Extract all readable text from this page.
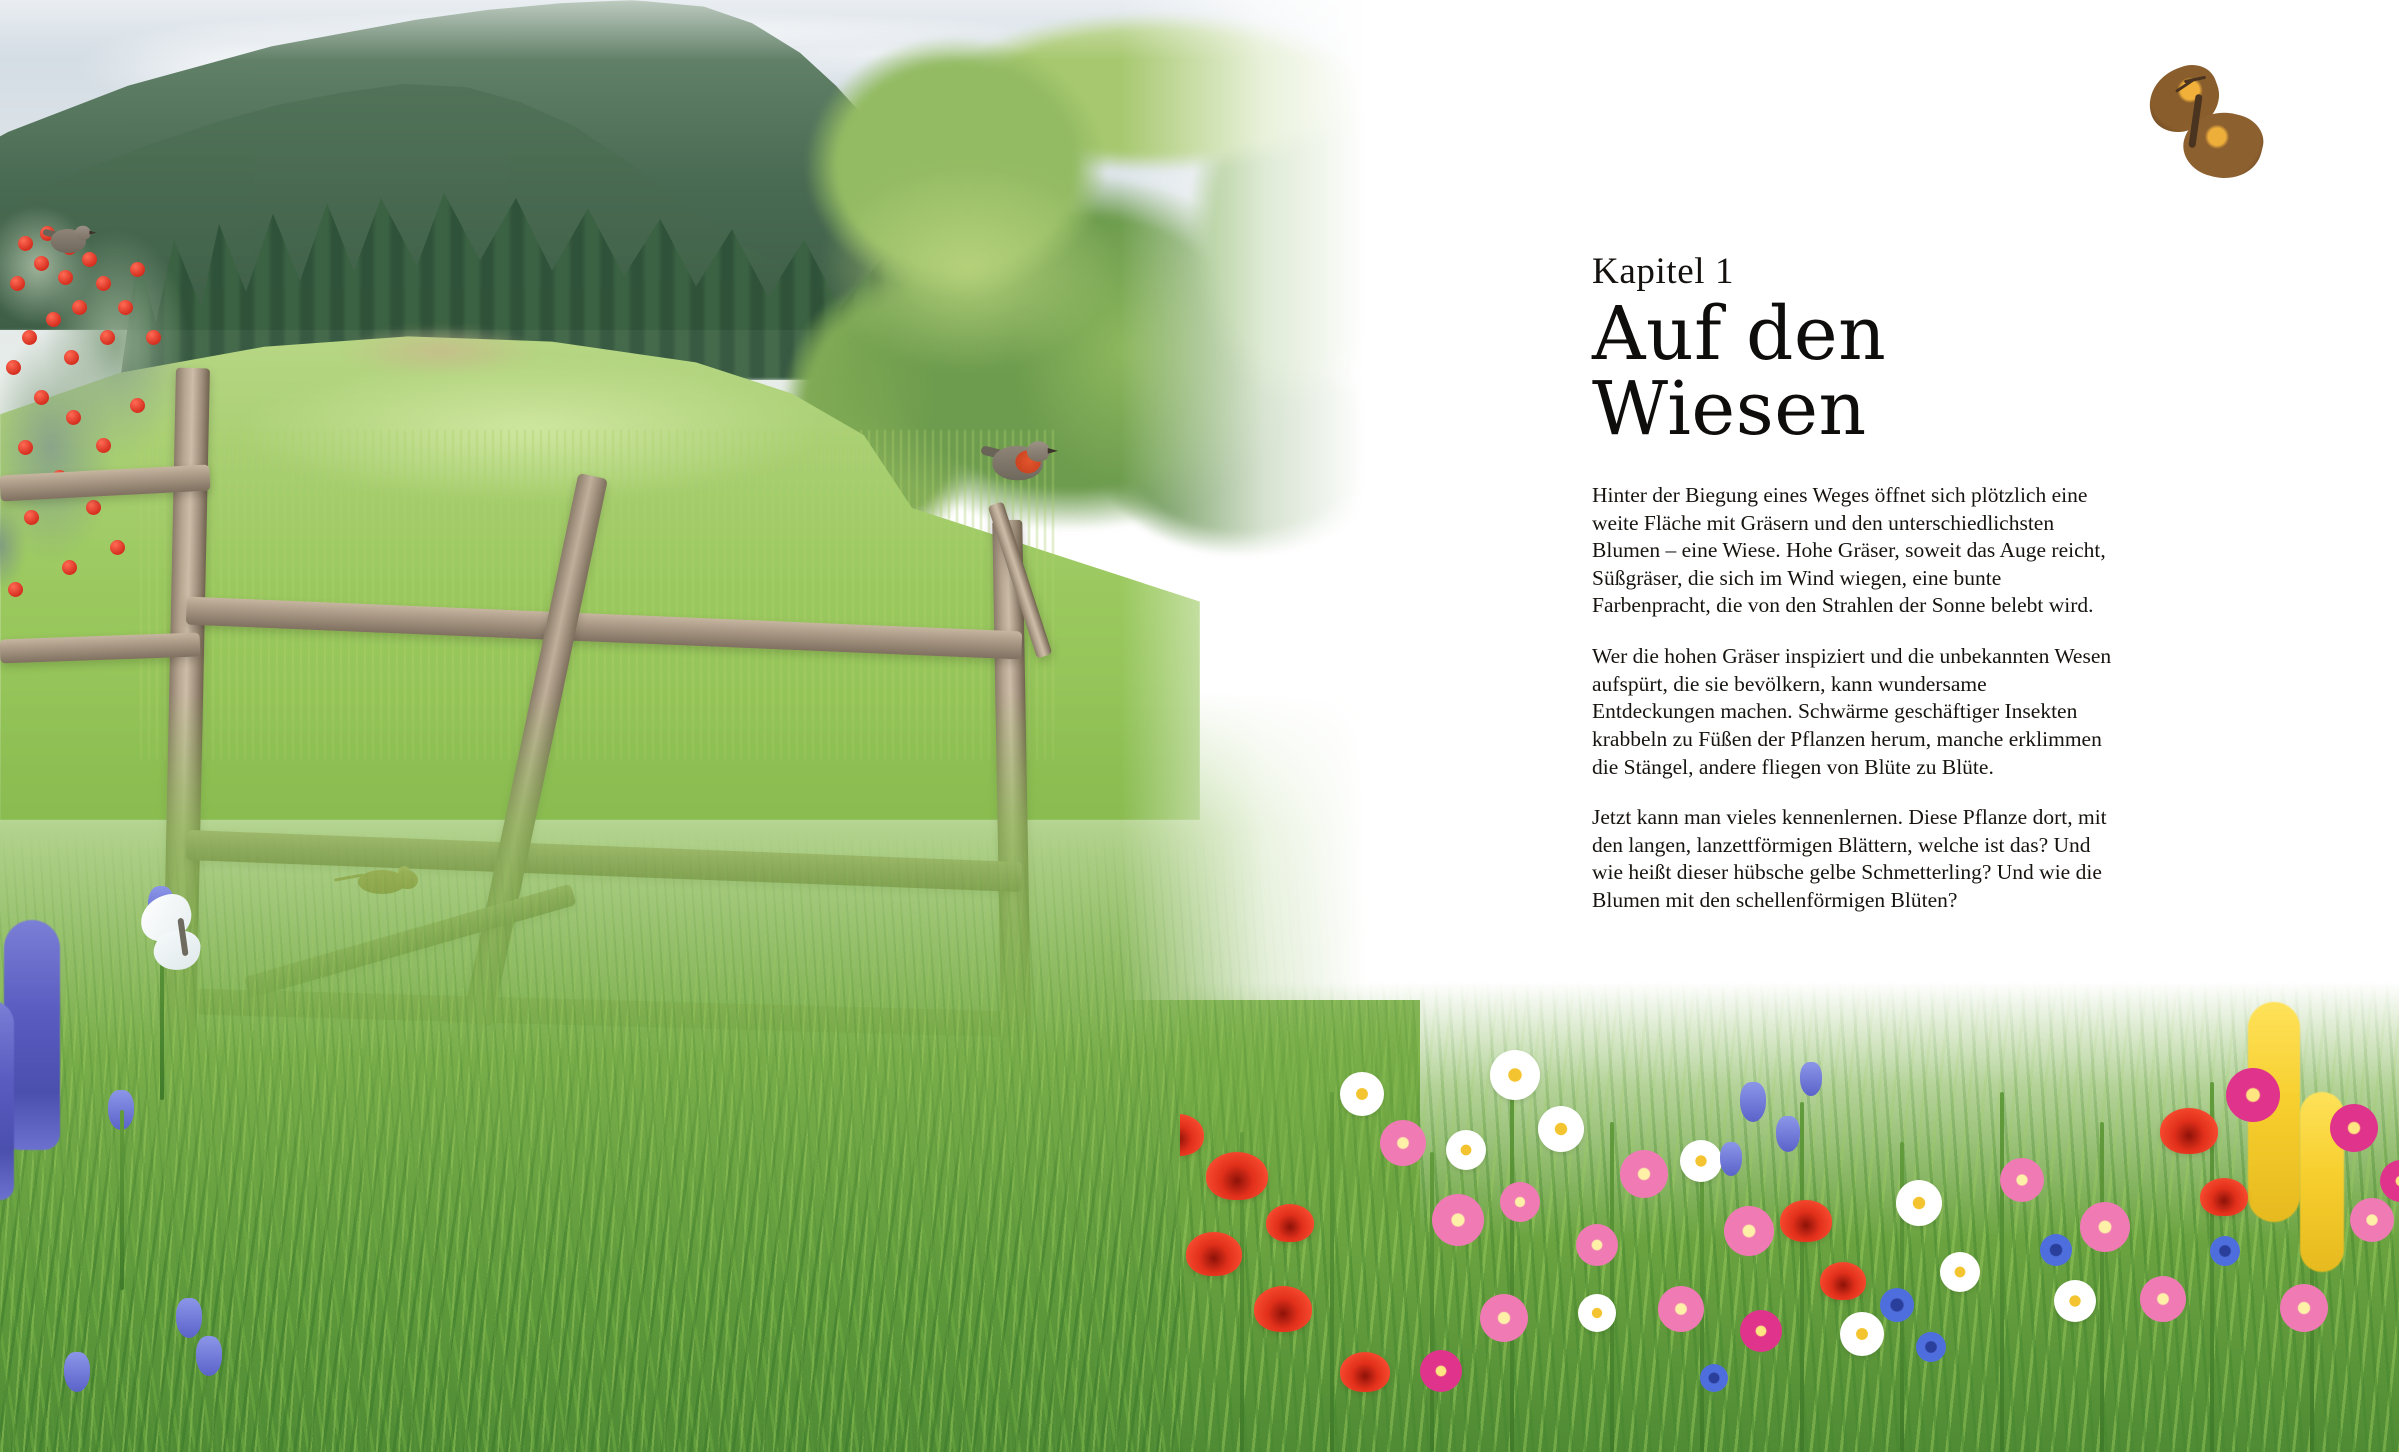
Kapitel 1

Auf den Wiesen

Hinter der Biegung eines Weges öffnet sich plötzlich eine weite Fläche mit Gräsern und den unterschiedlichsten Blumen – eine Wiese. Hohe Gräser, soweit das Auge reicht, Süßgräser, die sich im Wind wiegen, eine bunte Farbenpracht, die von den Strahlen der Sonne belebt wird.

Wer die hohen Gräser inspiziert und die unbekannten Wesen aufspürt, die sie bevölkern, kann wundersame Entdeckungen machen. Schwärme geschäftiger Insekten krabbeln zu Füßen der Pflanzen herum, manche erklimmen die Stängel, andere fliegen von Blüte zu Blüte.

Jetzt kann man vieles kennenlernen. Diese Pflanze dort, mit den langen, lanzettförmigen Blättern, welche ist das? Und wie heißt dieser hübsche gelbe Schmetterling? Und wie die Blumen mit den schellenförmigen Blüten?
